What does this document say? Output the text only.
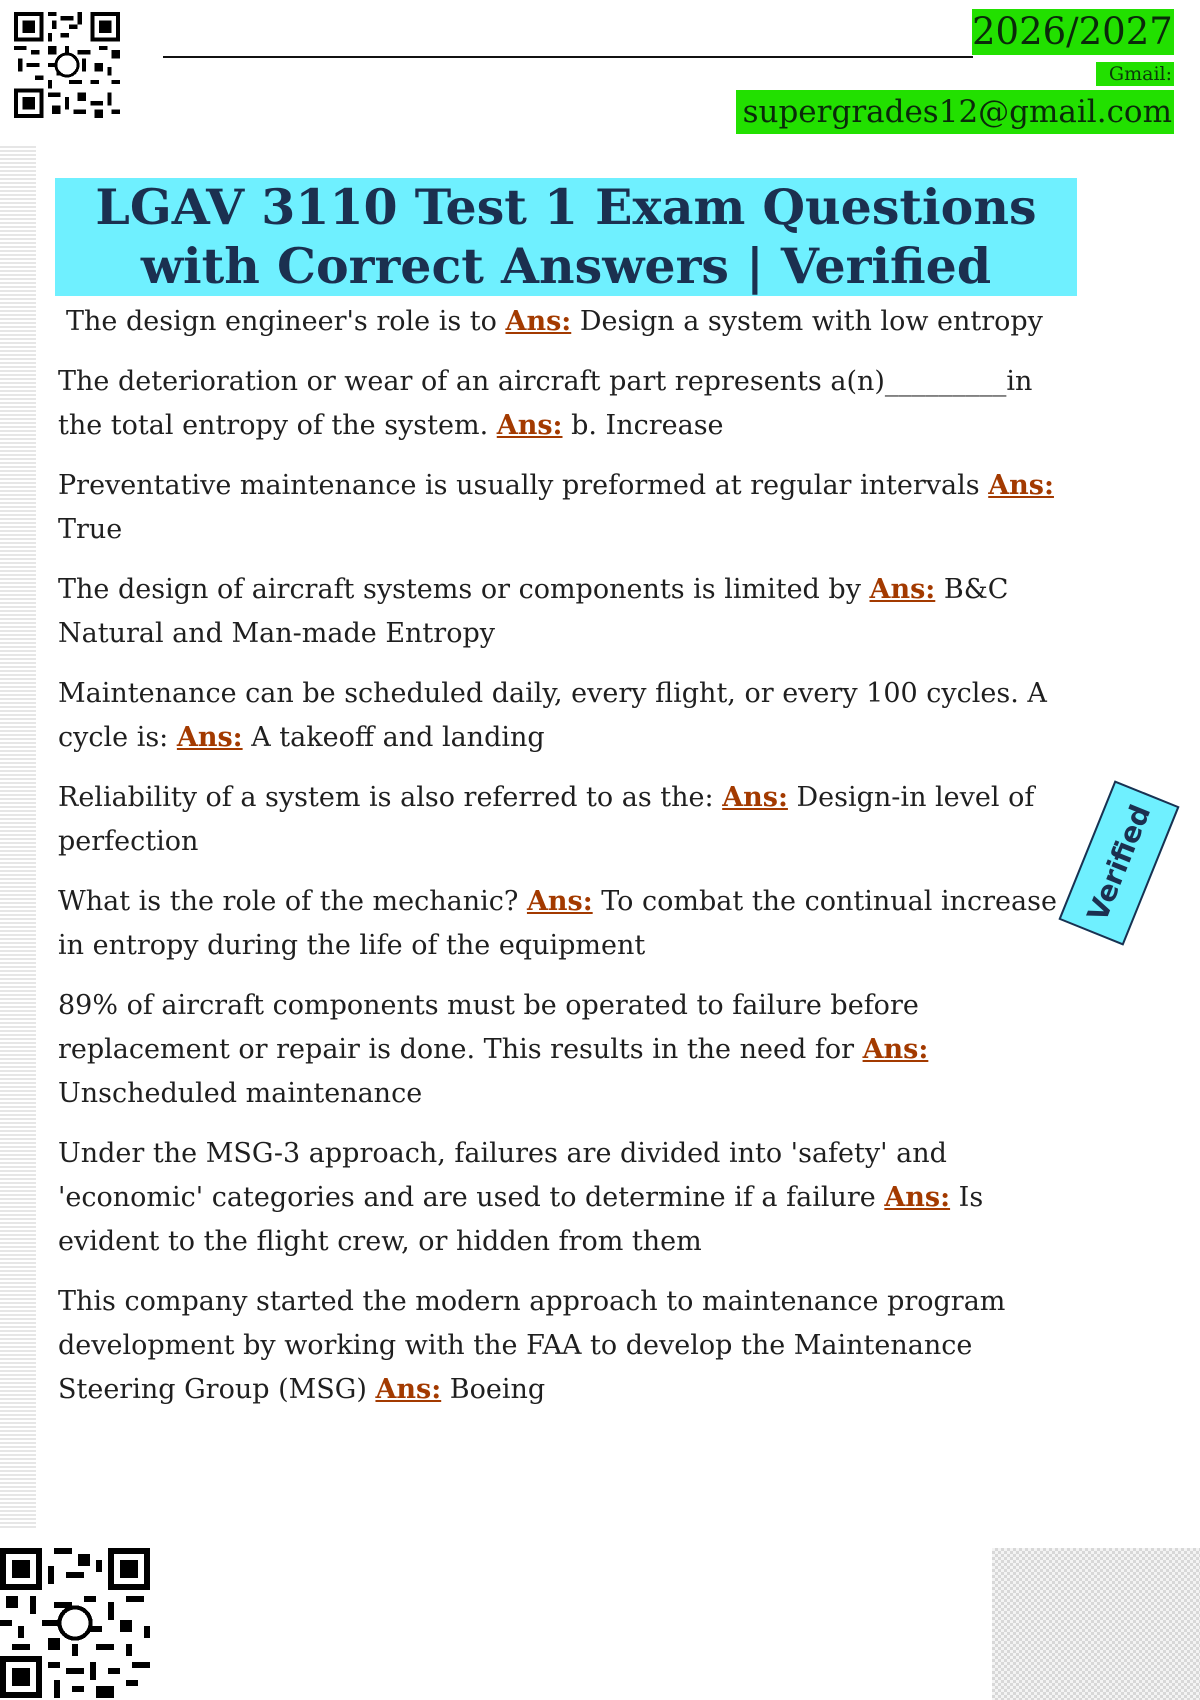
2026/2027
Gmail:
supergrades12@gmail.com
LGAV 3110 Test 1 Exam Questions
with Correct Answers | Verified

The design engineer's role is to Ans: Design a system with low entropy

The deterioration or wear of an aircraft part represents a(n)_________in the total entropy of the system. Ans: b. Increase

Preventative maintenance is usually preformed at regular intervals Ans: True

The design of aircraft systems or components is limited by Ans: B&C Natural and Man-made Entropy

Maintenance can be scheduled daily, every flight, or every 100 cycles. A cycle is: Ans: A takeoff and landing

Reliability of a system is also referred to as the: Ans: Design-in level of perfection

What is the role of the mechanic? Ans: To combat the continual increase in entropy during the life of the equipment

89% of aircraft components must be operated to failure before replacement or repair is done. This results in the need for Ans: Unscheduled maintenance

Under the MSG-3 approach, failures are divided into 'safety' and 'economic' categories and are used to determine if a failure Ans: Is evident to the flight crew, or hidden from them

This company started the modern approach to maintenance program development by working with the FAA to develop the Maintenance Steering Group (MSG) Ans: Boeing

Verified
